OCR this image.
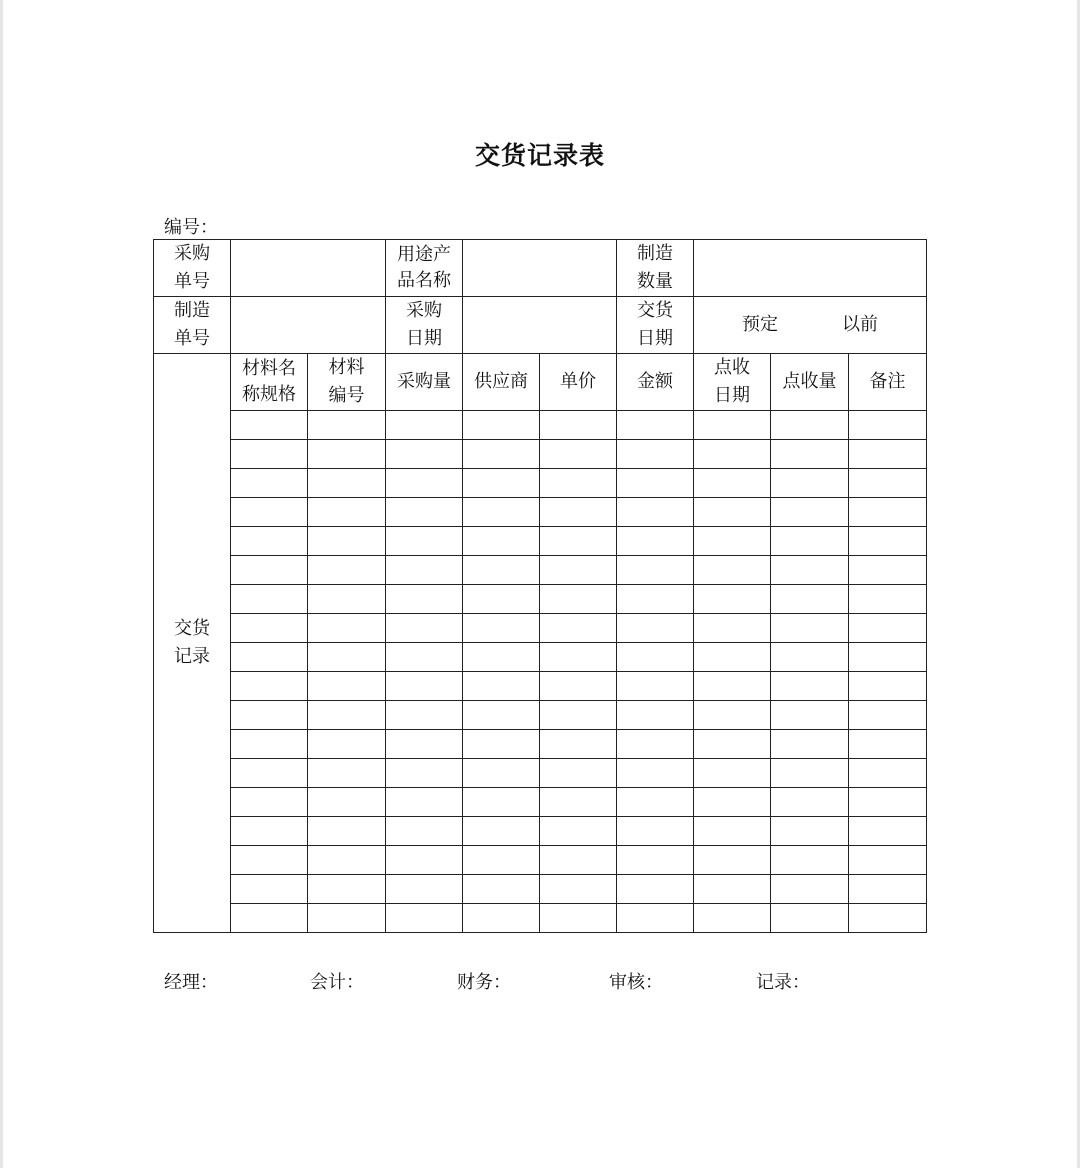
交货记录表
编号：
采购单号			用途产品名称			制造数量			
制造单号			采购日期			交货日期	预定 以前		
交货记录	材料名称规格	材料编号	采购量	供应商	单价	金额	点收日期	点收量	备注

经理：	会计：	财务：	审核：	记录：
